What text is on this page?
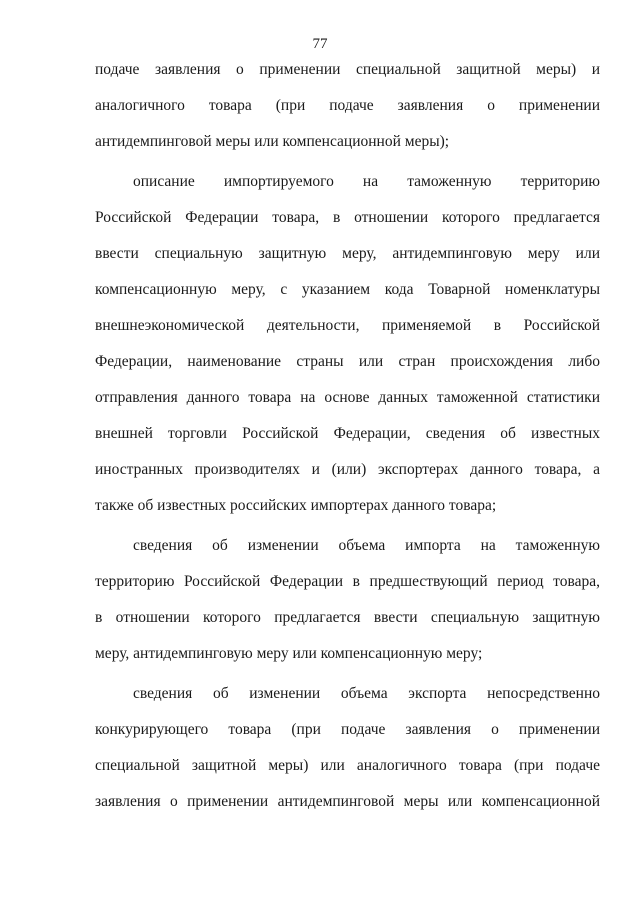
77
подаче заявления о применении специальной защитной меры) и
аналогичного товара (при подаче заявления о применении
антидемпинговой меры или компенсационной меры);
описание импортируемого на таможенную территорию
Российской Федерации товара, в отношении которого предлагается
ввести специальную защитную меру, антидемпинговую меру или
компенсационную меру, с указанием кода Товарной номенклатуры
внешнеэкономической деятельности, применяемой в Российской
Федерации, наименование страны или стран происхождения либо
отправления данного товара на основе данных таможенной статистики
внешней торговли Российской Федерации, сведения об известных
иностранных производителях и (или) экспортерах данного товара, а
также об известных российских импортерах данного товара;
сведения об изменении объема импорта на таможенную
территорию Российской Федерации в предшествующий период товара,
в отношении которого предлагается ввести специальную защитную
меру, антидемпинговую меру или компенсационную меру;
сведения об изменении объема экспорта непосредственно
конкурирующего товара (при подаче заявления о применении
специальной защитной меры) или аналогичного товара (при подаче
заявления о применении антидемпинговой меры или компенсационной
